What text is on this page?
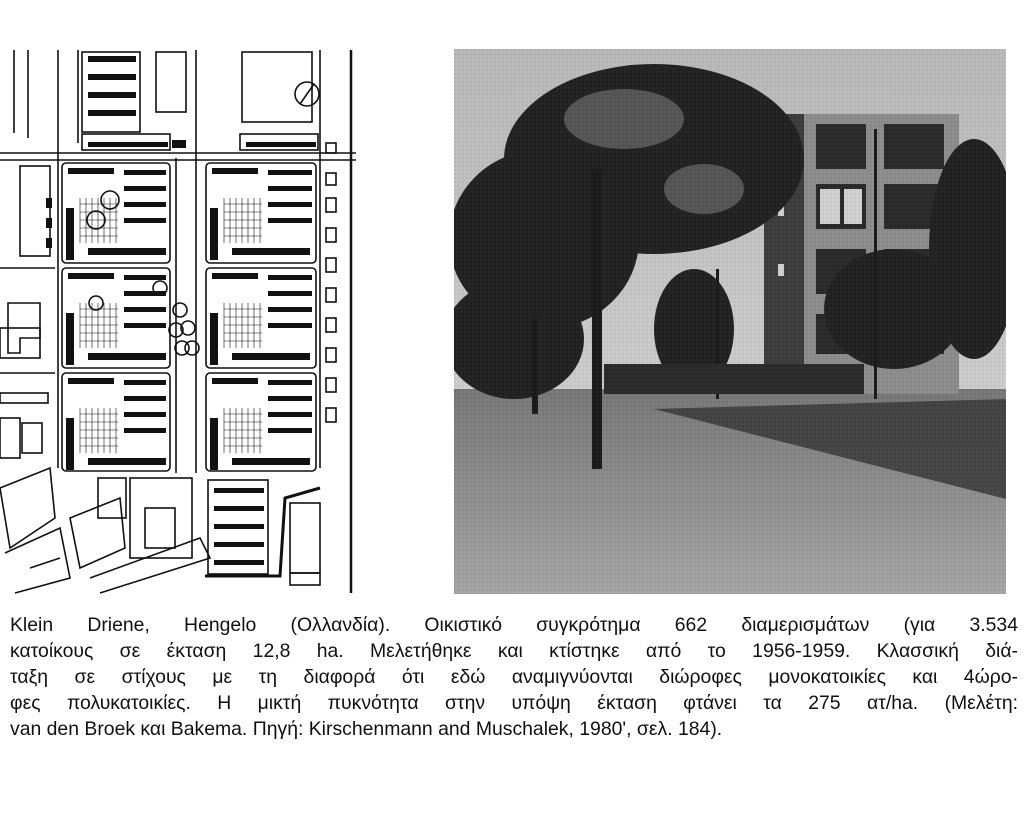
Klein Driene, Hengelo (Ολλανδία). Οικιστικό συγκρότημα 662 διαμερισμάτων (για 3.534
κατοίκους σε έκταση 12,8 ha. Μελετήθηκε και κτίστηκε από το 1956-1959. Κλασσική διά-
ταξη σε στίχους με τη διαφορά ότι εδώ αναμιγνύονται διώροφες μονοκατοικίες και 4ώρο-
φες πολυκατοικίες. Η μικτή πυκνότητα στην υπόψη έκταση φτάνει τα 275 ατ/ha. (Μελέτη:
van den Broek και Bakema. Πηγή: Kirschenmann and Muschalek, 1980', σελ. 184).
